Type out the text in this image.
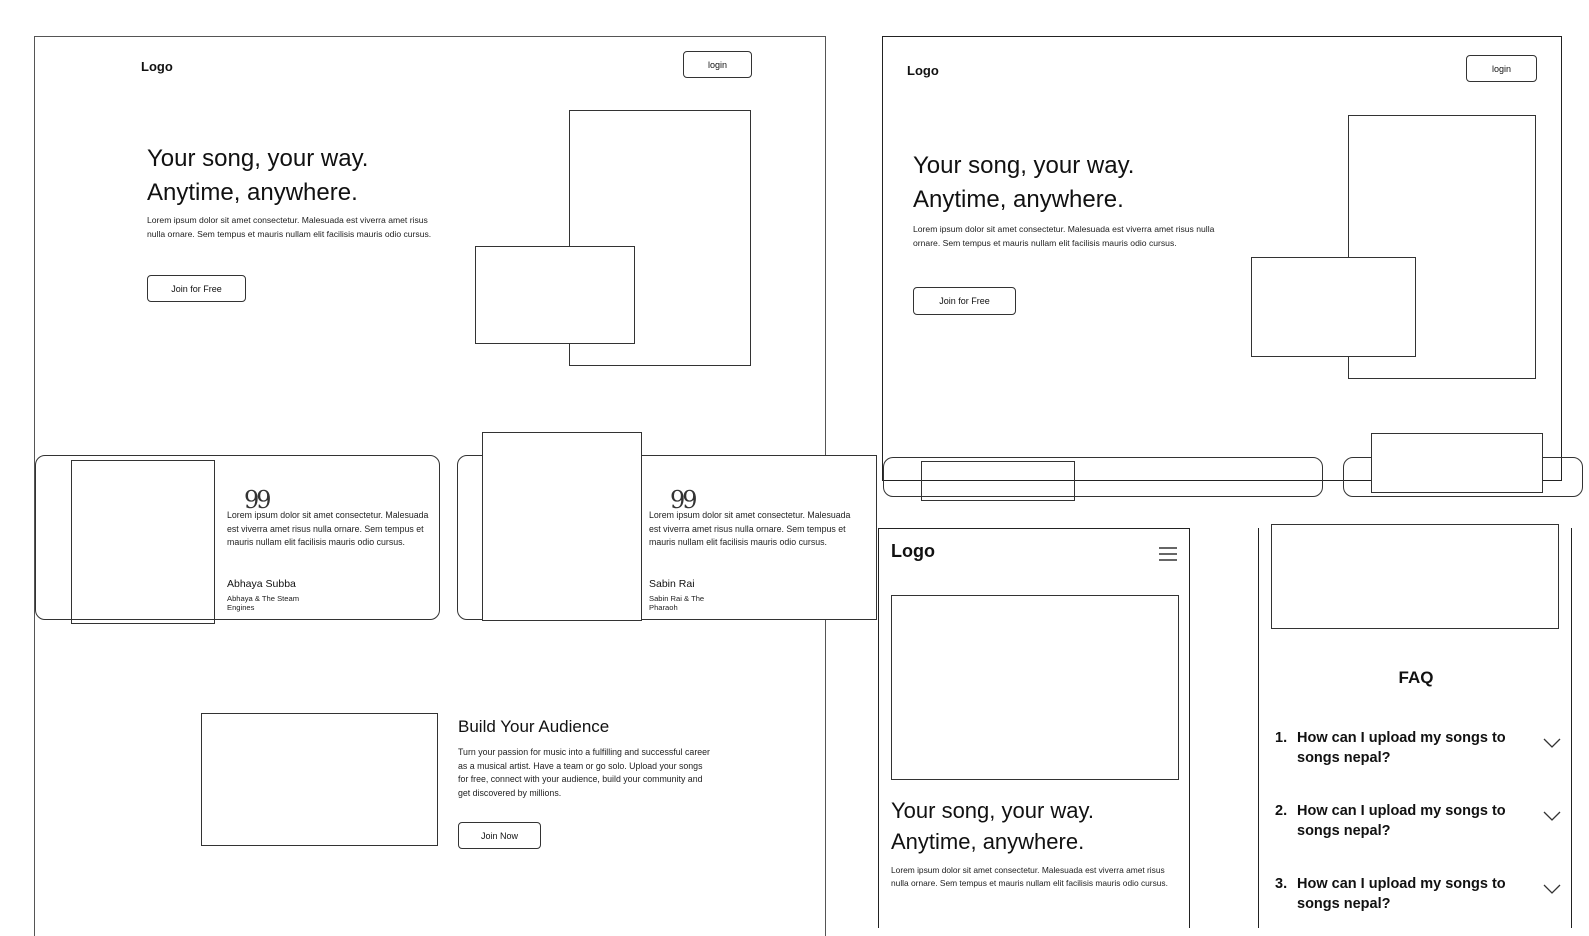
Logo	login
Your song, your way.
Anytime, anywhere.
Lorem ipsum dolor sit amet consectetur. Malesuada est viverra amet risus nulla ornare. Sem tempus et mauris nullam elit facilisis mauris odio cursus.
Join for Free
99
Lorem ipsum dolor sit amet consectetur. Malesuada est viverra amet risus nulla ornare. Sem tempus et mauris nullam elit facilisis mauris odio cursus.
Abhaya Subba
Abhaya & The Steam
Engines
99
Lorem ipsum dolor sit amet consectetur. Malesuada est viverra amet risus nulla ornare. Sem tempus et mauris nullam elit facilisis mauris odio cursus.
Sabin Rai
Sabin Rai & The
Pharaoh
Build Your Audience
Turn your passion for music into a fulfilling and successful career as a musical artist. Have a team or go solo. Upload your songs for free, connect with your audience, build your community and get discovered by millions.
Join Now
Logo	login
Your song, your way.
Anytime, anywhere.
Lorem ipsum dolor sit amet consectetur. Malesuada est viverra amet risus nulla ornare. Sem tempus et mauris nullam elit facilisis mauris odio cursus.
Join for Free
Logo
Your song, your way.
Anytime, anywhere.
Lorem ipsum dolor sit amet consectetur. Malesuada est viverra amet risus nulla ornare. Sem tempus et mauris nullam elit facilisis mauris odio cursus.
FAQ
1. How can I upload my songs to
songs nepal?
2. How can I upload my songs to
songs nepal?
3. How can I upload my songs to
songs nepal?
